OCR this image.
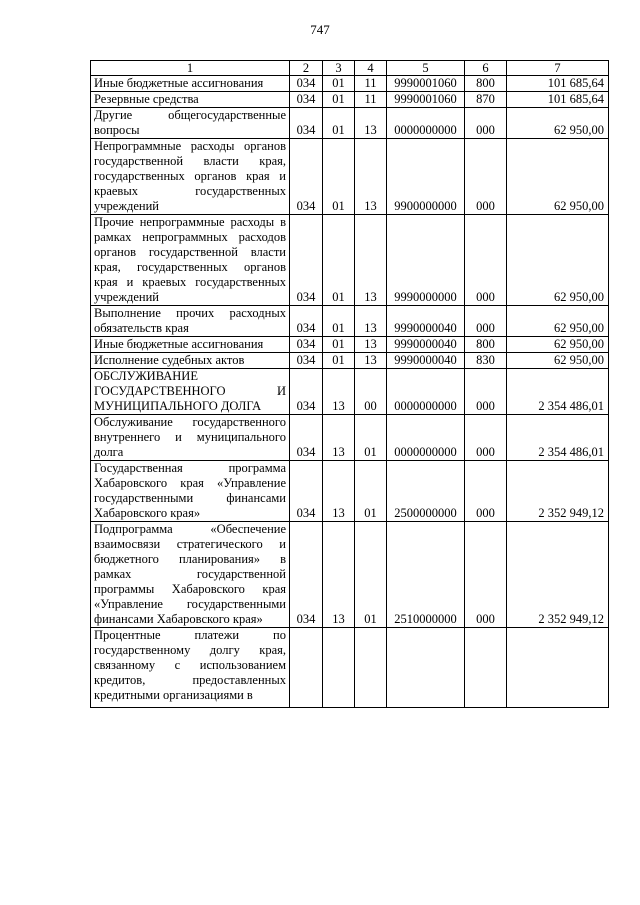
747
1	2	3	4	5	6	7
Иные бюджетные ассигнования	034	01	11	9990001060	800	101 685,64
Резервные средства	034	01	11	9990001060	870	101 685,64
Другие общегосударственные вопросы	034	01	13	0000000000	000	62 950,00
Непрограммные расходы органов государственной власти края, государственных органов края и краевых государственных учреждений	034	01	13	9900000000	000	62 950,00
Прочие непрограммные расходы в рамках непрограммных расходов органов государственной власти края, государственных органов края и краевых государственных учреждений	034	01	13	9990000000	000	62 950,00
Выполнение прочих расходных обязательств края	034	01	13	9990000040	000	62 950,00
Иные бюджетные ассигнования	034	01	13	9990000040	800	62 950,00
Исполнение судебных актов	034	01	13	9990000040	830	62 950,00
ОБСЛУЖИВАНИЕ ГОСУДАРСТВЕННОГО И МУНИЦИПАЛЬНОГО ДОЛГА	034	13	00	0000000000	000	2 354 486,01
Обслуживание государственного внутреннего и муниципального долга	034	13	01	0000000000	000	2 354 486,01
Государственная программа Хабаровского края «Управление государственными финансами Хабаровского края»	034	13	01	2500000000	000	2 352 949,12
Подпрограмма «Обеспечение взаимосвязи стратегического и бюджетного планирования» в рамках государственной программы Хабаровского края «Управление государственными финансами Хабаровского края»	034	13	01	2510000000	000	2 352 949,12
Процентные платежи по государственному долгу края, связанному с использованием кредитов, предоставленных кредитными организациями в						
